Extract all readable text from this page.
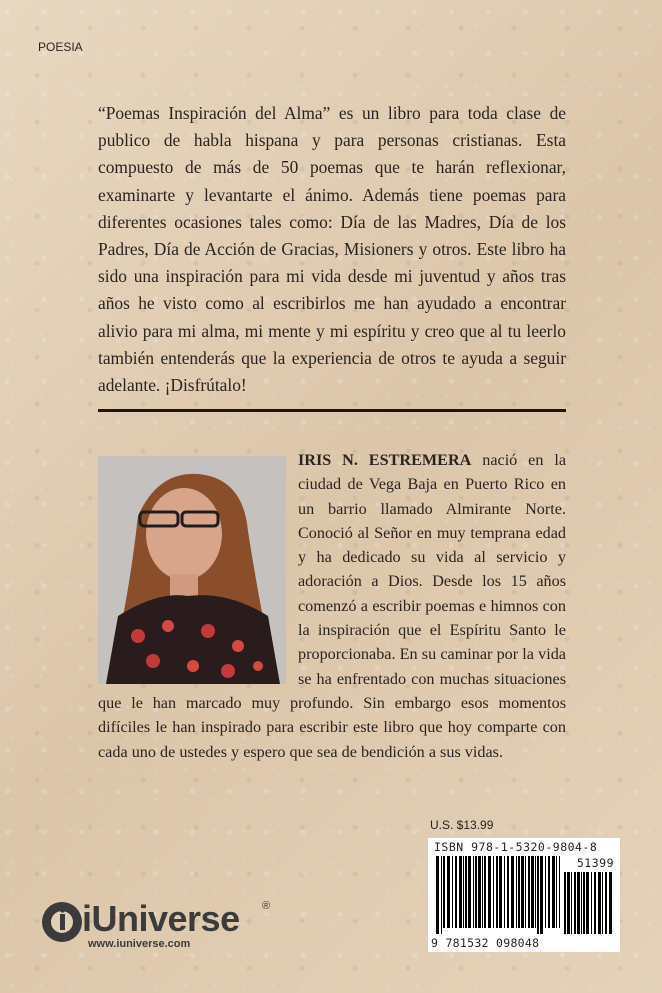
POESIA

“Poemas Inspiración del Alma” es un libro para toda clase de publico de habla hispana y para personas cristianas. Esta compuesto de más de 50 poemas que te harán reflexionar, examinarte y levantarte el ánimo. Además tiene poemas para diferentes ocasiones tales como: Día de las Madres, Día de los Padres, Día de Acción de Gracias, Misioners y otros. Este libro ha sido una inspiración para mi vida desde mi juventud y años tras años he visto como al escribirlos me han ayudado a encontrar alivio para mi alma, mi mente y mi espíritu y creo que al tu leerlo también entenderás que la experiencia de otros te ayuda a seguir adelante. ¡Disfrútalo!

IRIS N. ESTREMERA nació en la ciudad de Vega Baja en Puerto Rico en un barrio llamado Almirante Norte. Conoció al Señor en muy temprana edad y ha dedicado su vida al servicio y adoración a Dios. Desde los 15 años comenzó a escribir poemas e himnos con la inspiración que el Espíritu Santo le proporcionaba. En su caminar por la vida se ha enfrentado con muchas situaciones que le han marcado muy profundo. Sin embargo esos momentos difíciles le han inspirado para escribir este libro que hoy comparte con cada uno de ustedes y espero que sea de bendición a sus vidas.

U.S. $13.99
ISBN 978-1-5320-9804-8
51399
9 781532 098048
iUniverse ®
www.iuniverse.com
